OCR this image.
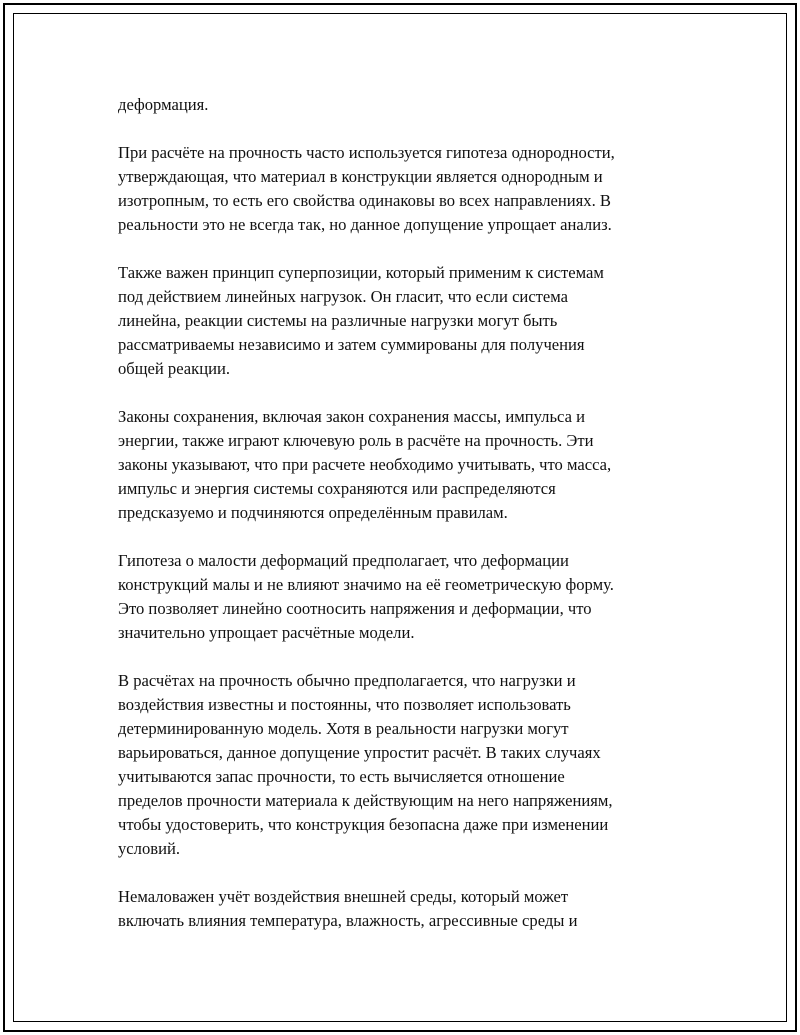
деформация.

При расчёте на прочность часто используется гипотеза однородности,
утверждающая, что материал в конструкции является однородным и
изотропным, то есть его свойства одинаковы во всех направлениях. В
реальности это не всегда так, но данное допущение упрощает анализ.

Также важен принцип суперпозиции, который применим к системам
под действием линейных нагрузок. Он гласит, что если система
линейна, реакции системы на различные нагрузки могут быть
рассматриваемы независимо и затем суммированы для получения
общей реакции.

Законы сохранения, включая закон сохранения массы, импульса и
энергии, также играют ключевую роль в расчёте на прочность. Эти
законы указывают, что при расчете необходимо учитывать, что масса,
импульс и энергия системы сохраняются или распределяются
предсказуемо и подчиняются определённым правилам.

Гипотеза о малости деформаций предполагает, что деформации
конструкций малы и не влияют значимо на её геометрическую форму.
Это позволяет линейно соотносить напряжения и деформации, что
значительно упрощает расчётные модели.

В расчётах на прочность обычно предполагается, что нагрузки и
воздействия известны и постоянны, что позволяет использовать
детерминированную модель. Хотя в реальности нагрузки могут
варьироваться, данное допущение упростит расчёт. В таких случаях
учитываются запас прочности, то есть вычисляется отношение
пределов прочности материала к действующим на него напряжениям,
чтобы удостоверить, что конструкция безопасна даже при изменении
условий.

Немаловажен учёт воздействия внешней среды, который может
включать влияния температура, влажность, агрессивные среды и
